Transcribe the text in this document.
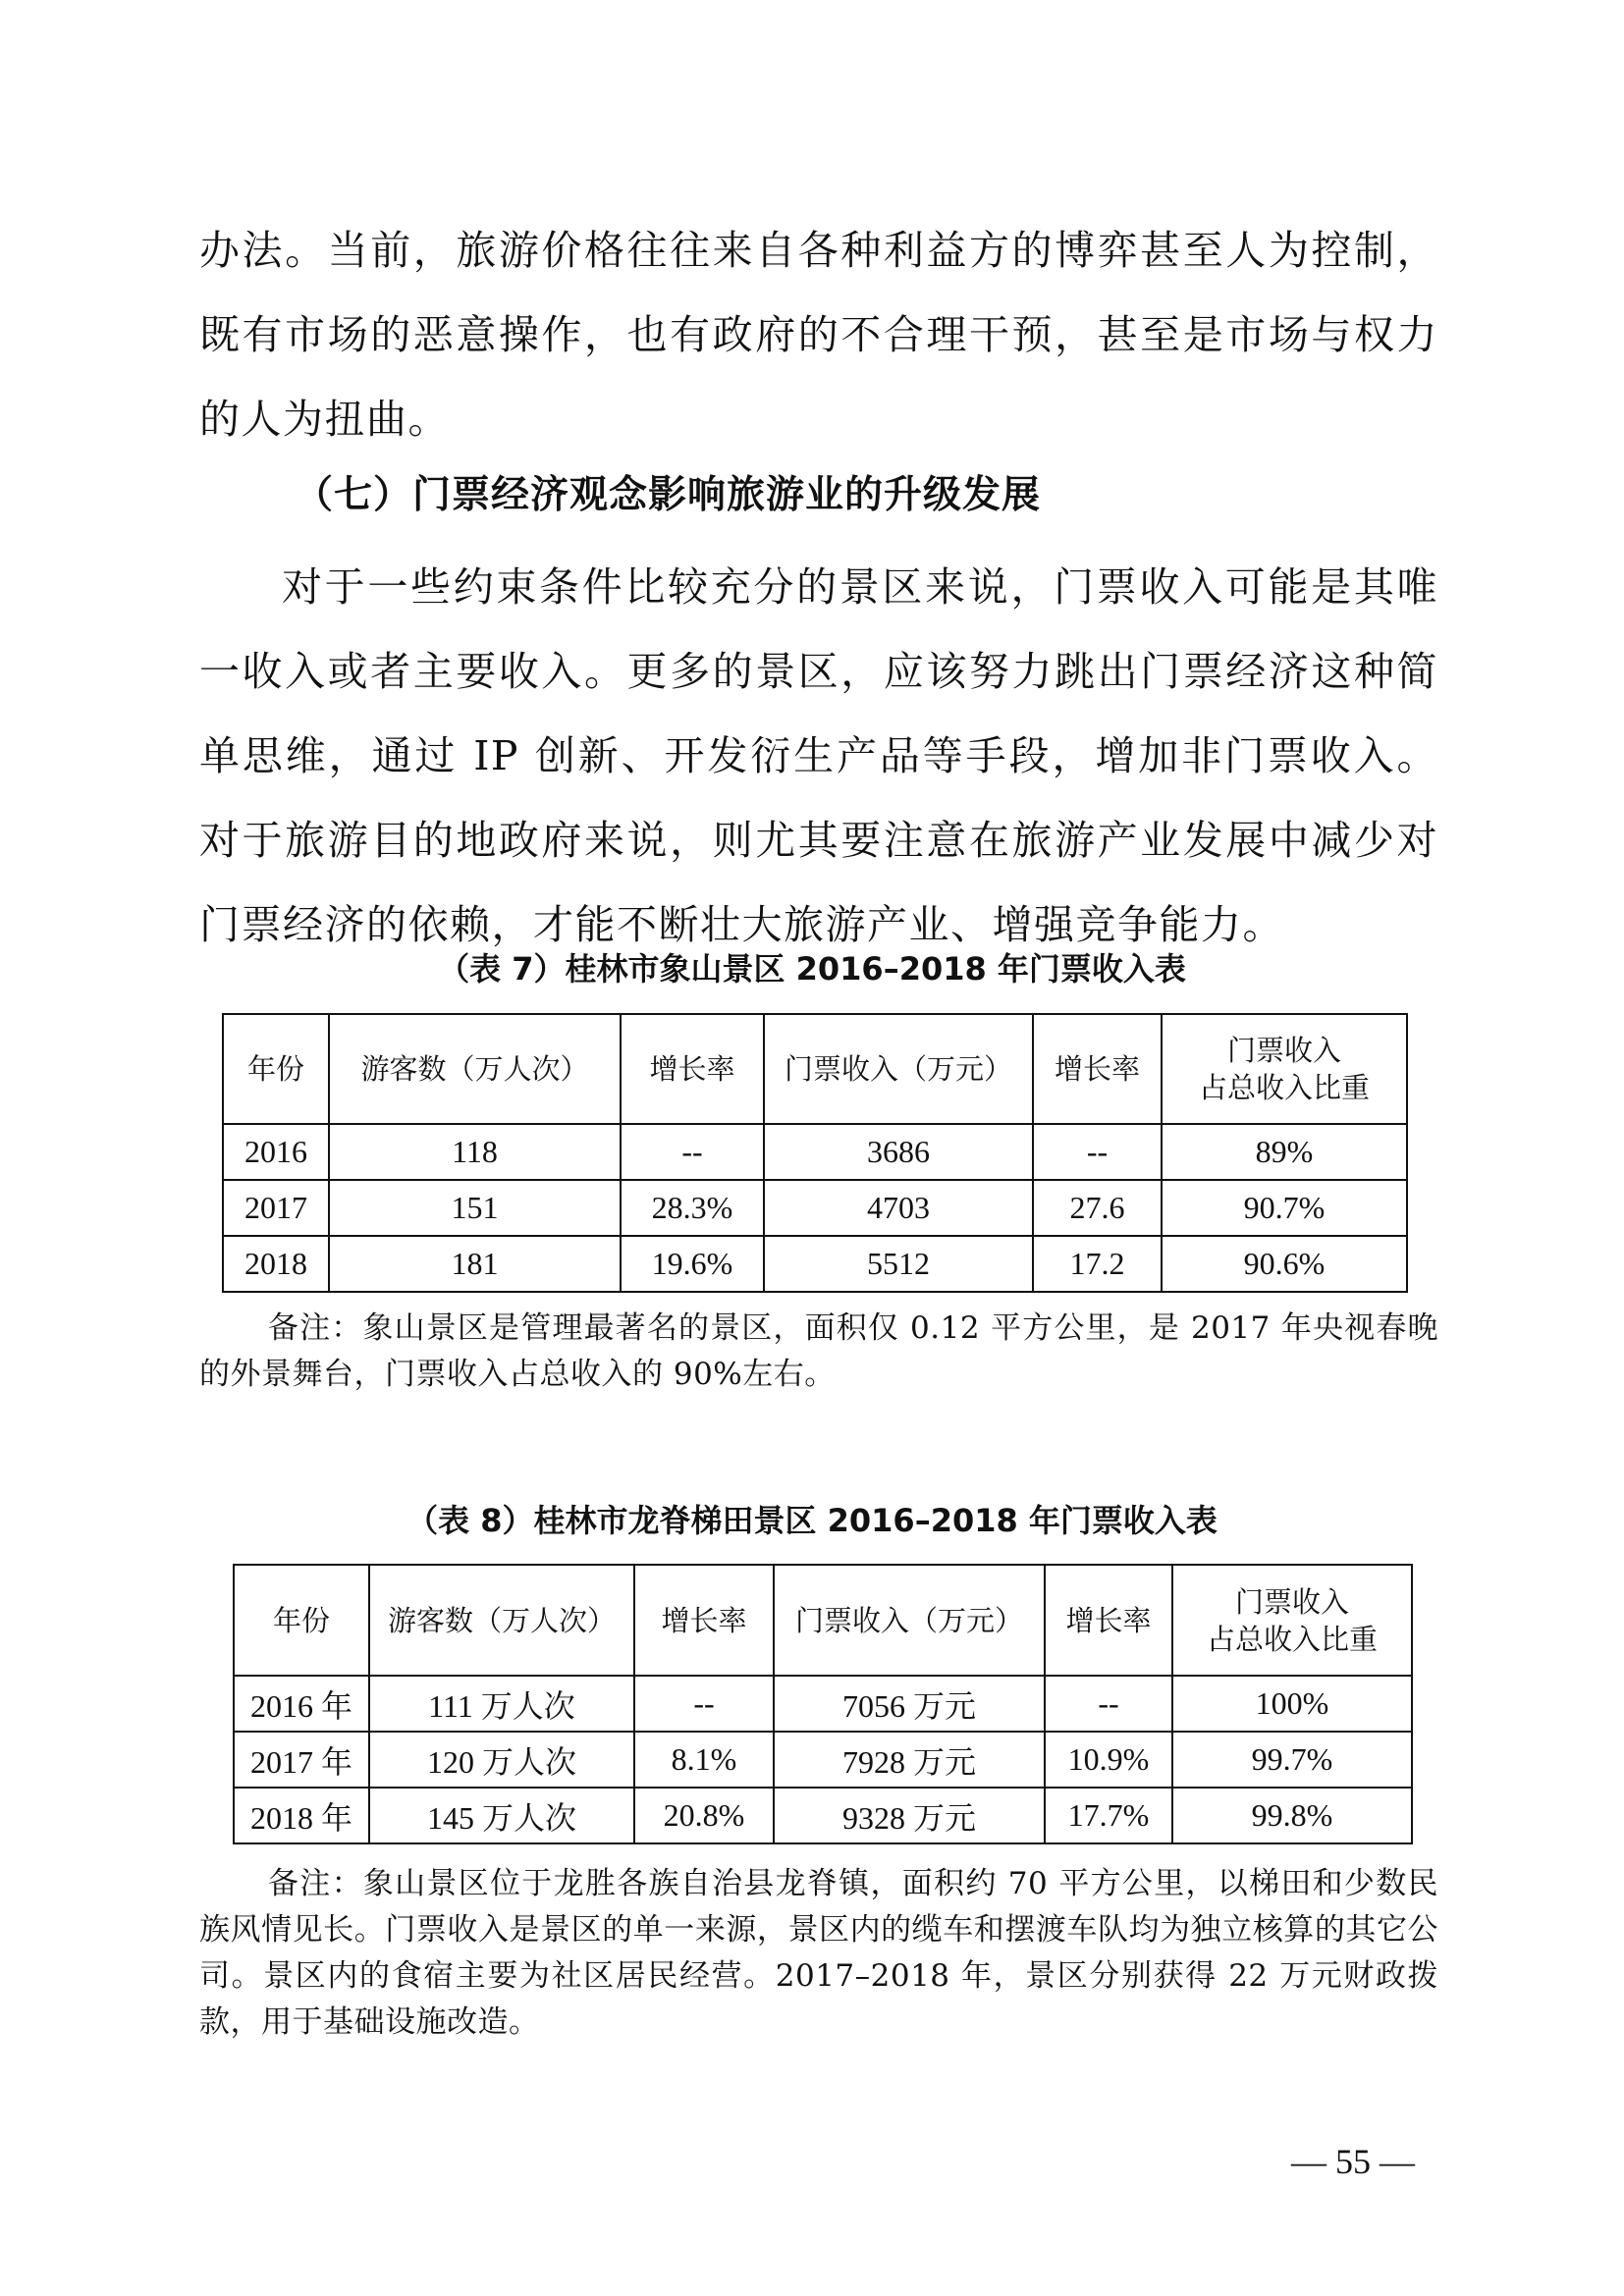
办法。当前，旅游价格往往来自各种利益方的博弈甚至人为控制，既有市场的恶意操作，也有政府的不合理干预，甚至是市场与权力的人为扭曲。

（七）门票经济观念影响旅游业的升级发展

对于一些约束条件比较充分的景区来说，门票收入可能是其唯一收入或者主要收入。更多的景区，应该努力跳出门票经济这种简单思维，通过 IP 创新、开发衍生产品等手段，增加非门票收入。对于旅游目的地政府来说，则尤其要注意在旅游产业发展中减少对门票经济的依赖，才能不断壮大旅游产业、增强竞争能力。

（表 7）桂林市象山景区 2016–2018 年门票收入表

年份	游客数（万人次）	增长率	门票收入（万元）	增长率	门票收入
占总收入比重
2016	118	--	3686	--	89%
2017	151	28.3%	4703	27.6	90.7%
2018	181	19.6%	5512	17.2	90.6%

备注：象山景区是管理最著名的景区，面积仅 0.12 平方公里，是 2017 年央视春晚的外景舞台，门票收入占总收入的 90%左右。

（表 8）桂林市龙脊梯田景区 2016–2018 年门票收入表

年份	游客数（万人次）	增长率	门票收入（万元）	增长率	门票收入
占总收入比重
2016 年	111 万人次	--	7056 万元	--	100%
2017 年	120 万人次	8.1%	7928 万元	10.9%	99.7%
2018 年	145 万人次	20.8%	9328 万元	17.7%	99.8%

备注：象山景区位于龙胜各族自治县龙脊镇，面积约 70 平方公里，以梯田和少数民族风情见长。门票收入是景区的单一来源，景区内的缆车和摆渡车队均为独立核算的其它公司。景区内的食宿主要为社区居民经营。2017–2018 年，景区分别获得 22 万元财政拨款，用于基础设施改造。

— 55 —
